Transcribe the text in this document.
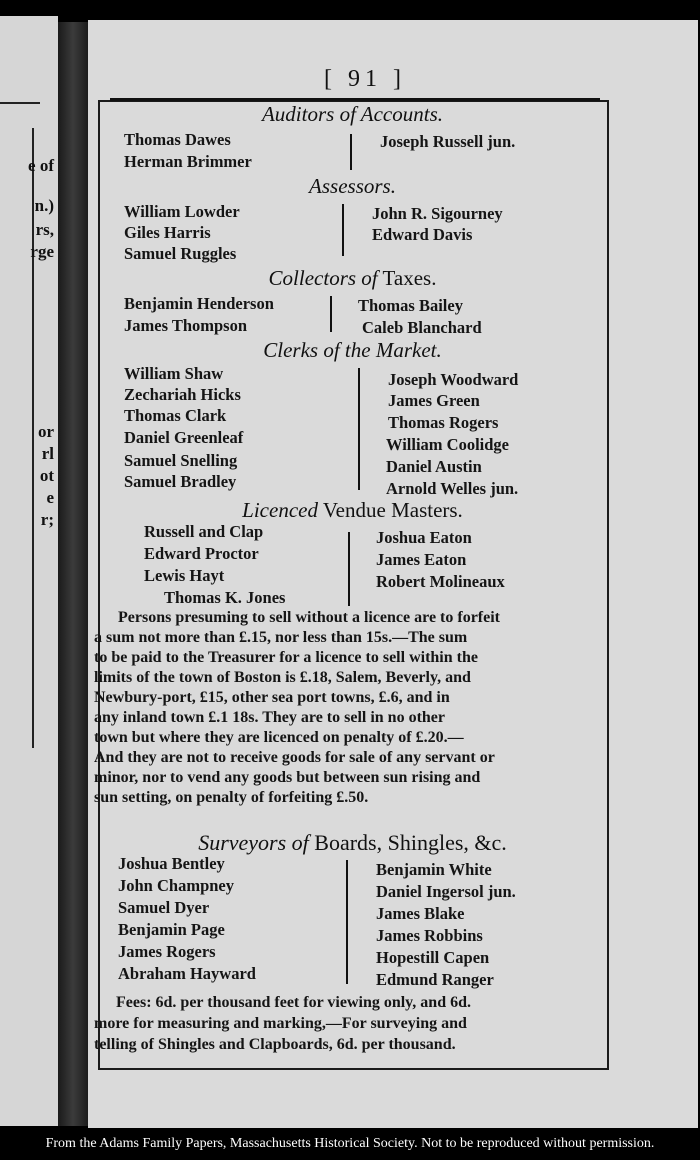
e of
n.)
rs,
rge
or
rl
ot
e
r;
[ 91 ]
Auditors of Accounts.
Thomas Dawes
Herman Brimmer
Joseph Russell jun.
Assessors.
William Lowder
Giles Harris
Samuel Ruggles
John R. Sigourney
Edward Davis
Collectors of Taxes.
Benjamin Henderson
James Thompson
Thomas Bailey
Caleb Blanchard
Clerks of the Market.
William Shaw
Zechariah Hicks
Thomas Clark
Daniel Greenleaf
Samuel Snelling
Samuel Bradley
Joseph Woodward
James Green
Thomas Rogers
William Coolidge
Daniel Austin
Arnold Welles jun.
Licenced Vendue Masters.
Russell and Clap
Edward Proctor
Lewis Hayt
Thomas K. Jones
Joshua Eaton
James Eaton
Robert Molineaux
Persons presuming to sell without a licence are to forfeit
a sum not more than £.15, nor less than 15s.—The sum
to be paid to the Treasurer for a licence to sell within the
limits of the town of Boston is £.18, Salem, Beverly, and
Newbury-port, £15, other sea port towns, £.6, and in
any inland town £.1 18s. They are to sell in no other
town but where they are licenced on penalty of £.20.—
And they are not to receive goods for sale of any servant or
minor, nor to vend any goods but between sun rising and
sun setting, on penalty of forfeiting £.50.
Surveyors of Boards, Shingles, &c.
Joshua Bentley
John Champney
Samuel Dyer
Benjamin Page
James Rogers
Abraham Hayward
Benjamin White
Daniel Ingersol jun.
James Blake
James Robbins
Hopestill Capen
Edmund Ranger
Fees: 6d. per thousand feet for viewing only, and 6d.
more for measuring and marking,—For surveying and
telling of Shingles and Clapboards, 6d. per thousand.
From the Adams Family Papers, Massachusetts Historical Society. Not to be reproduced without permission.
